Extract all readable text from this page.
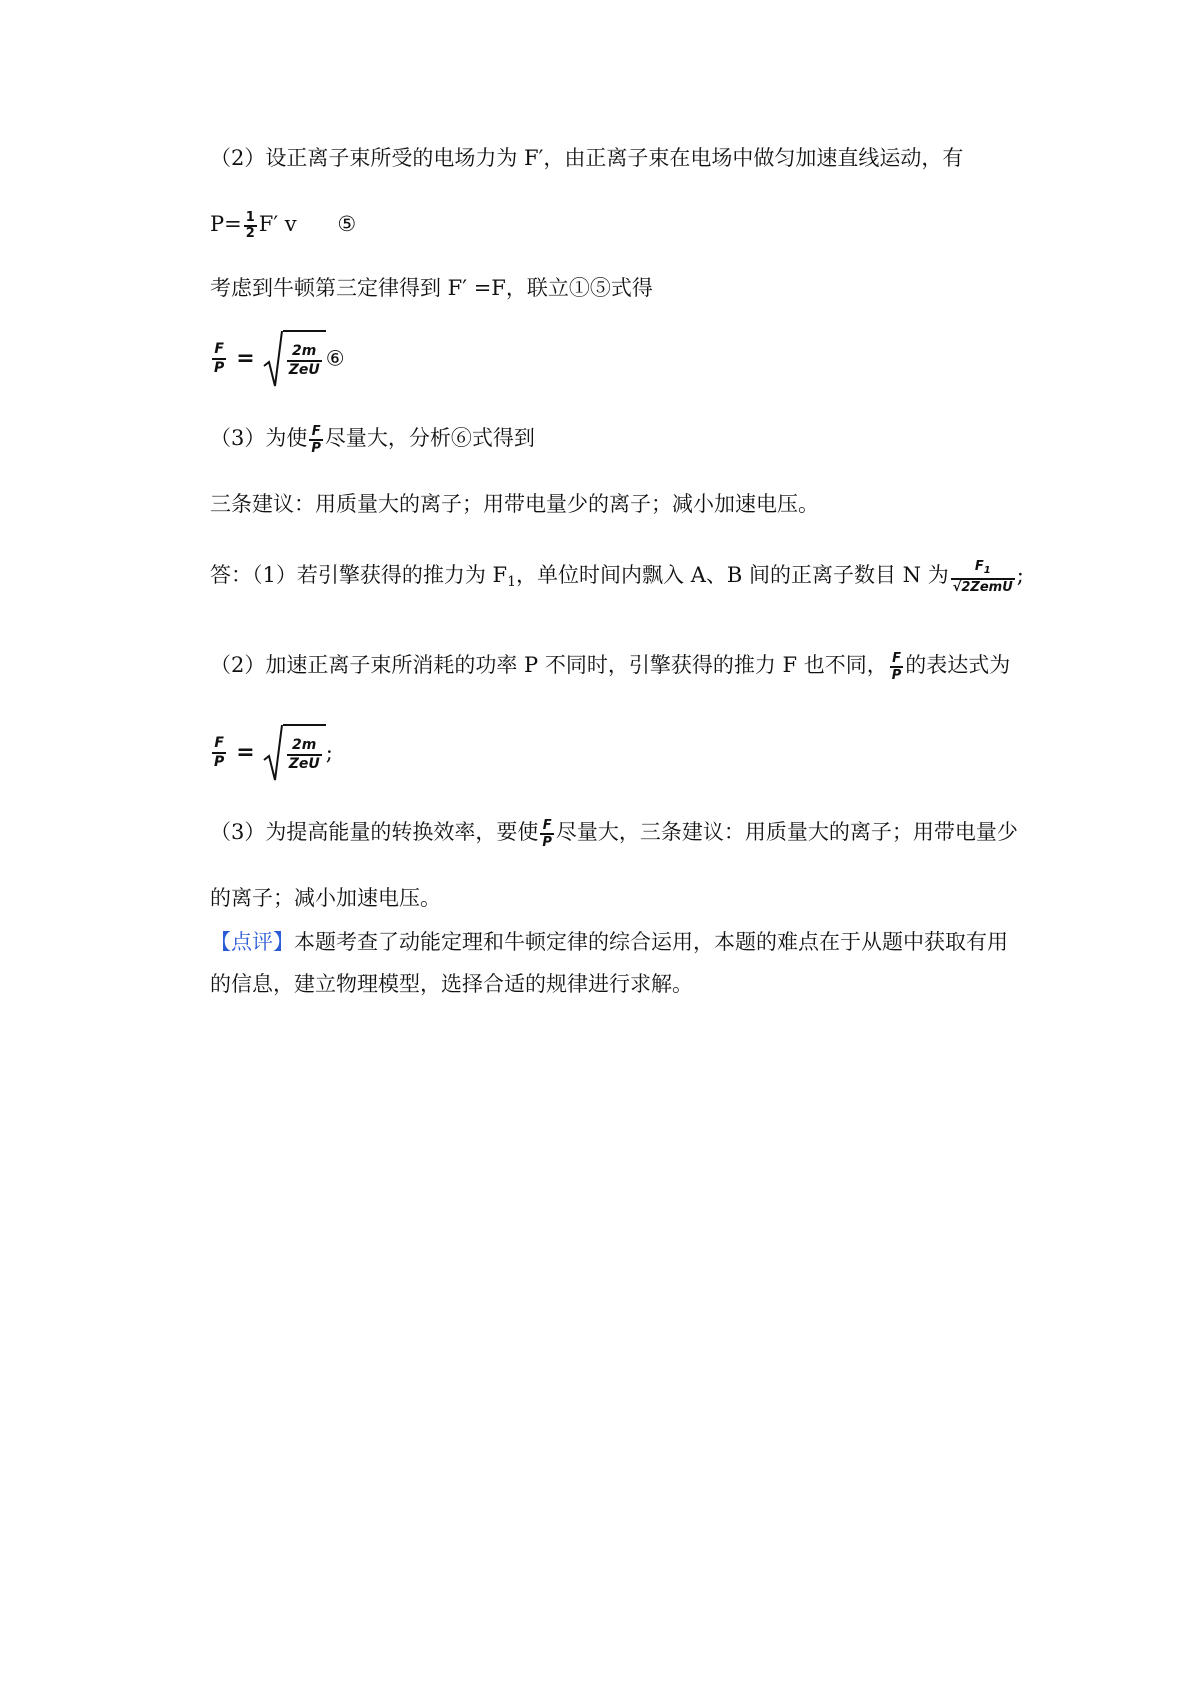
（2）设正离子束所受的电场力为 F′，由正离子束在电场中做匀加速直线运动，有
$P= \frac{1}{2} F'$ v ⑤
考虑到牛顿第三定律得到 F′ =F，联立①⑤式得
$\frac{F}{P} = \frac{2m}{\text{ZeU}}$ ⑥
（3）为使 $\frac{F}{P}$ 尽量大，分析⑥式得到
三条建议：用质量大的离子；用带电量少的离子；减小加速电压。
答：（1）若引擎获得的推力为 $F_1$，单位时间内飘入 A、B 间的正离子数目 N 为 $\frac{F_1}{\text{√2ZemU}}$ ;
（2）加速正离子束所消耗的功率 P 不同时，引擎获得的推力 F 也不同， $\frac{F}{P}$ 的表达式为
$\frac{F}{P} = \frac{2m}{\text{ZeU}}$ ;
（3）为提高能量的转换效率，要使 $\frac{F}{P}$ 尽量大，三条建议：用质量大的离子；用带电量少
的离子；减小加速电压。
【点评】本题考查了动能定理和牛顿定律的综合运用，本题的难点在于从题中获取有用
的信息，建立物理模型，选择合适的规律进行求解。
